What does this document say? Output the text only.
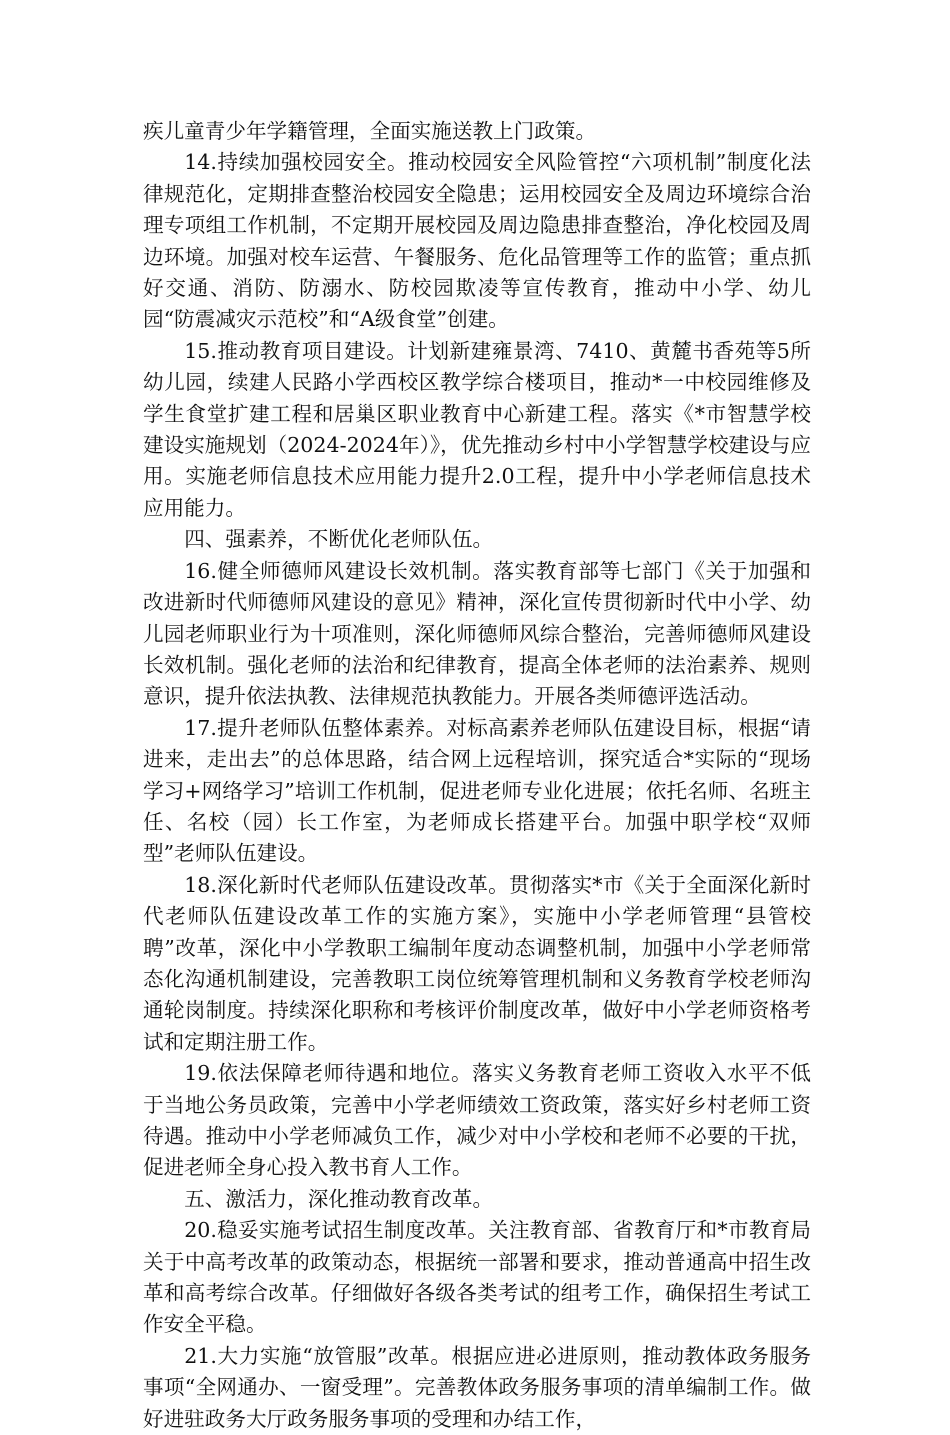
疾儿童青少年学籍管理，全面实施送教上门政策。

14.持续加强校园安全。推动校园安全风险管控“六项机制”制度化法律规范化，定期排查整治校园安全隐患；运用校园安全及周边环境综合治理专项组工作机制，不定期开展校园及周边隐患排查整治，净化校园及周边环境。加强对校车运营、午餐服务、危化品管理等工作的监管；重点抓好交通、消防、防溺水、防校园欺凌等宣传教育，推动中小学、幼儿园“防震减灾示范校”和“A级食堂”创建。

15.推动教育项目建设。计划新建雍景湾、7410、黄麓书香苑等5所幼儿园，续建人民路小学西校区教学综合楼项目，推动*一中校园维修及学生食堂扩建工程和居巢区职业教育中心新建工程。落实《*市智慧学校建设实施规划（2024-2024年）》，优先推动乡村中小学智慧学校建设与应用。实施老师信息技术应用能力提升2.0工程，提升中小学老师信息技术应用能力。

四、强素养，不断优化老师队伍。

16.健全师德师风建设长效机制。落实教育部等七部门《关于加强和改进新时代师德师风建设的意见》精神，深化宣传贯彻新时代中小学、幼儿园老师职业行为十项准则，深化师德师风综合整治，完善师德师风建设长效机制。强化老师的法治和纪律教育，提高全体老师的法治素养、规则意识，提升依法执教、法律规范执教能力。开展各类师德评选活动。

17.提升老师队伍整体素养。对标高素养老师队伍建设目标，根据“请进来，走出去”的总体思路，结合网上远程培训，探究适合*实际的“现场学习+网络学习”培训工作机制，促进老师专业化进展；依托名师、名班主任、名校（园）长工作室，为老师成长搭建平台。加强中职学校“双师型”老师队伍建设。

18.深化新时代老师队伍建设改革。贯彻落实*市《关于全面深化新时代老师队伍建设改革工作的实施方案》，实施中小学老师管理“县管校聘”改革，深化中小学教职工编制年度动态调整机制，加强中小学老师常态化沟通机制建设，完善教职工岗位统筹管理机制和义务教育学校老师沟通轮岗制度。持续深化职称和考核评价制度改革，做好中小学老师资格考试和定期注册工作。

19.依法保障老师待遇和地位。落实义务教育老师工资收入水平不低于当地公务员政策，完善中小学老师绩效工资政策，落实好乡村老师工资待遇。推动中小学老师减负工作，减少对中小学校和老师不必要的干扰，促进老师全身心投入教书育人工作。

五、激活力，深化推动教育改革。

20.稳妥实施考试招生制度改革。关注教育部、省教育厅和*市教育局关于中高考改革的政策动态，根据统一部署和要求，推动普通高中招生改革和高考综合改革。仔细做好各级各类考试的组考工作，确保招生考试工作安全平稳。

21.大力实施“放管服”改革。根据应进必进原则，推动教体政务服务事项“全网通办、一窗受理”。完善教体政务服务事项的清单编制工作。做好进驻政务大厅政务服务事项的受理和办结工作，
